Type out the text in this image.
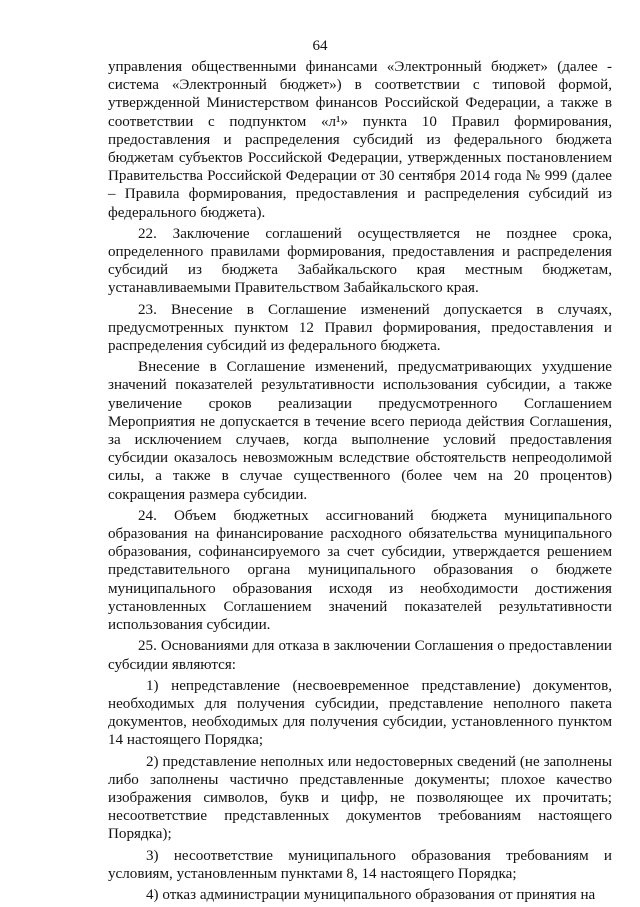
64

управления общественными финансами «Электронный бюджет» (далее - система «Электронный бюджет») в соответствии с типовой формой, утвержденной Министерством финансов Российской Федерации, а также в соответствии с подпунктом «л¹» пункта 10 Правил формирования, предоставления и распределения субсидий из федерального бюджета бюджетам субъектов Российской Федерации, утвержденных постановлением Правительства Российской Федерации от 30 сентября 2014 года № 999 (далее – Правила формирования, предоставления и распределения субсидий из федерального бюджета).

22. Заключение соглашений осуществляется не позднее срока, определенного правилами формирования, предоставления и распределения субсидий из бюджета Забайкальского края местным бюджетам, устанавливаемыми Правительством Забайкальского края.

23. Внесение в Соглашение изменений допускается в случаях, предусмотренных пунктом 12 Правил формирования, предоставления и распределения субсидий из федерального бюджета.

Внесение в Соглашение изменений, предусматривающих ухудшение значений показателей результативности использования субсидии, а также увеличение сроков реализации предусмотренного Соглашением Мероприятия не допускается в течение всего периода действия Соглашения, за исключением случаев, когда выполнение условий предоставления субсидии оказалось невозможным вследствие обстоятельств непреодолимой силы, а также в случае существенного (более чем на 20 процентов) сокращения размера субсидии.

24. Объем бюджетных ассигнований бюджета муниципального образования на финансирование расходного обязательства муниципального образования, софинансируемого за счет субсидии, утверждается решением представительного органа муниципального образования о бюджете муниципального образования исходя из необходимости достижения установленных Соглашением значений показателей результативности использования субсидии.

25. Основаниями для отказа в заключении Соглашения о предоставлении субсидии являются:

1) непредставление (несвоевременное представление) документов, необходимых для получения субсидии, представление неполного пакета документов, необходимых для получения субсидии, установленного пунктом 14 настоящего Порядка;

2) представление неполных или недостоверных сведений (не заполнены либо заполнены частично представленные документы; плохое качество изображения символов, букв и цифр, не позволяющее их прочитать; несоответствие представленных документов требованиям настоящего Порядка);

3) несоответствие муниципального образования требованиям и условиям, установленным пунктами 8, 14 настоящего Порядка;

4) отказ администрации муниципального образования от принятия на
